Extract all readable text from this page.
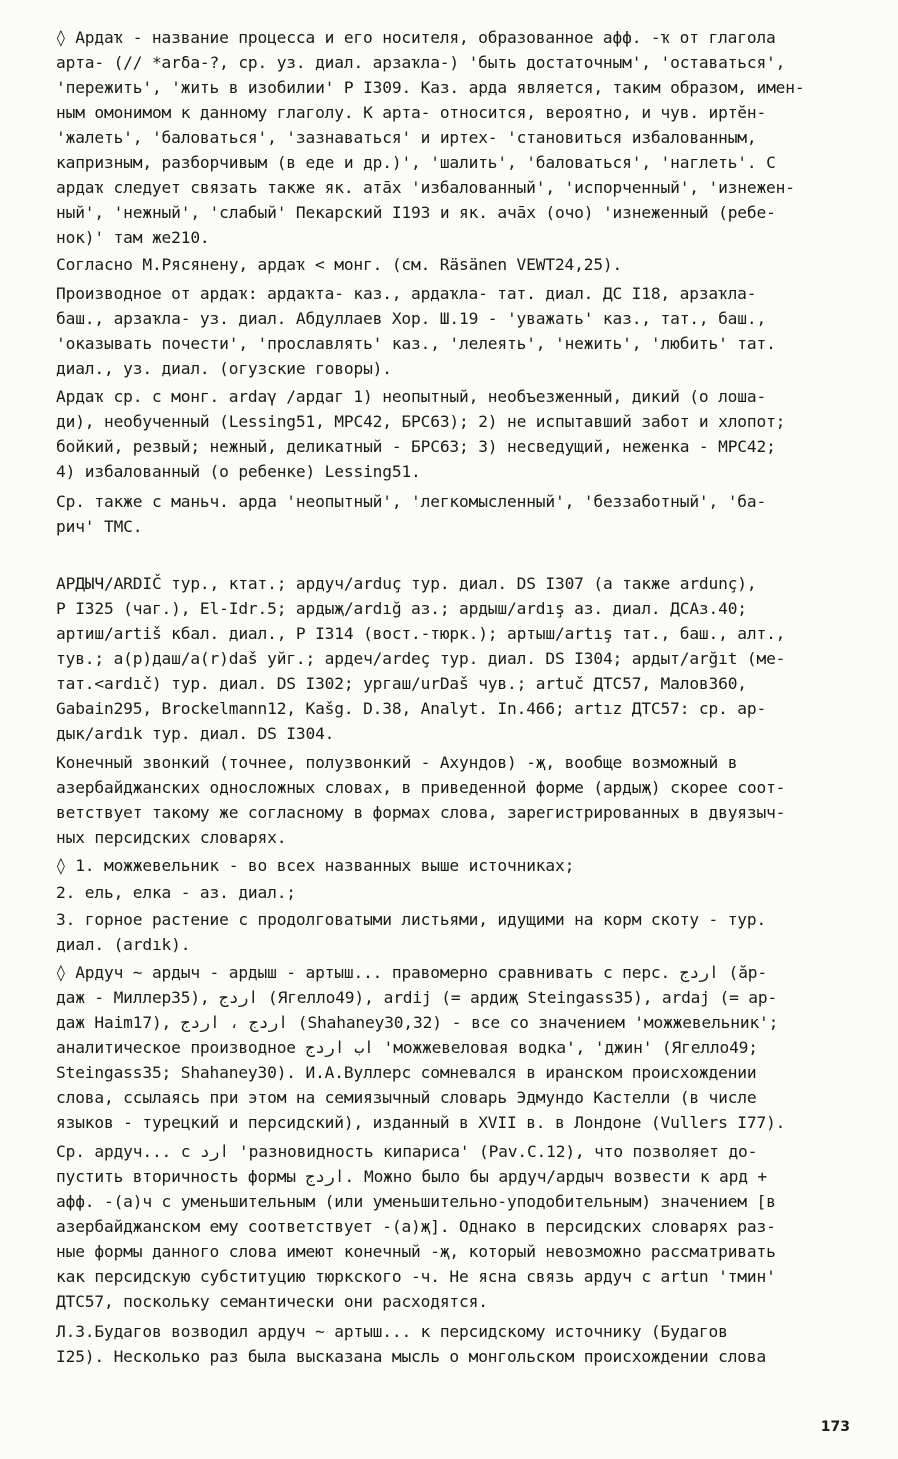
◊ Ардаҡ - название процесса и его носителя, образованное афф. -ҡ от глагола
арта- (// *arδa-?, ср. уз. диал. арзаҡла-) 'быть достаточным', 'оставаться',
'пережить', 'жить в изобилии' Р I309. Каз. арда является, таким образом, имен-
ным омонимом к данному глаголу. К арта- относится, вероятно, и чув. иртĕн-
'жалеть', 'баловаться', 'зазнаваться' и иртех- 'становиться избалованным,
капризным, разборчивым (в еде и др.)', 'шалить', 'баловаться', 'наглеть'. С
ардаҡ следует связать также як. атāх 'избалованный', 'испорченный', 'изнежен-
ный', 'нежный', 'слабый' Пекарский I193 и як. ачāх (очо) 'изнеженный (ребе-
нок)' там же210.
Согласно М.Рясянену, ардаҡ < монг. (см. Räsänen VEWT24,25).
Производное от ардаҡ: ардаҡта- каз., ардаҡла- тат. диал. ДС I18, арзаҡла-
баш., арзаҡла- уз. диал. Абдуллаев Хор. Ш.19 - 'уважать' каз., тат., баш.,
'оказывать почести', 'прославлять' каз., 'лелеять', 'нежить', 'любить' тат.
диал., уз. диал. (огузские говоры).
Ардаҡ ср. с монг. ardaγ /ардаг 1) неопытный, необъезженный, дикий (о лоша-
ди), необученный (Lessing51, МРС42, БРС63); 2) не испытавший забот и хлопот;
бойкий, резвый; нежный, деликатный - БРС63; 3) несведущий, неженка - МРС42;
4) избалованный (о ребенке) Lessing51.
Ср. также с маньч. арда 'неопытный', 'легкомысленный', 'беззаботный', 'ба-
рич' ТМС.
АРДЫЧ/ARDIČ тур., ктат.; ардуч/arduç тур. диал. DS I307 (а также ardunç),
Р I325 (чаг.), El-Idr.5; ардыҗ/ardığ аз.; ардыш/ardış аз. диал. ДСАз.40;
артиш/artiš кбал. диал., Р I314 (вост.-тюрк.); артыш/artış тат., баш., алт.,
тув.; а(р)даш/a(r)daš уйг.; ардеч/ardeç тур. диал. DS I304; ардыт/arğıt (ме-
тат.<ardıč) тур. диал. DS I302; ургаш/urDaš чув.; artuč ДТС57, Малов360,
Gabain295, Brockelmann12, Kašg. D.38, Analyt. In.466; artız ДТС57: ср. ар-
дык/ardık тур. диал. DS I304.
Конечный звонкий (точнее, полузвонкий - Ахундов) -җ, вообще возможный в
азербайджанских односложных словах, в приведенной форме (ардыҗ) скорее соот-
ветствует такому же согласному в формах слова, зарегистрированных в двуязыч-
ных персидских словарях.
◊ 1. можжевельник - во всех названных выше источниках;
2. ель, елка - аз. диал.;
3. горное растение с продолговатыми листьями, идущими на корм скоту - тур.
диал. (ardık).
◊ Ардуч ~ ардыч - ардыш - артыш... правомерно сравнивать с перс. اردج (ăр-
даж - Миллер35), اردج (Ягелло49), ardij (= ардиҗ Steingass35), ardaj (= ар-
даж Haim17), اردج ، اردج (Shahaney30,32) - все со значением 'можжевельник';
аналитическое производное اب اردج 'можжевеловая водка', 'джин' (Ягелло49;
Steingass35; Shahaney30). И.А.Вуллерс сомневался в иранском происхождении
слова, ссылаясь при этом на семиязычный словарь Эдмундо Кастелли (в числе
языков - турецкий и персидский), изданный в XVII в. в Лондоне (Vullers I77).
Ср. ардуч... с ارد 'разновидность кипариса' (Pav.C.12), что позволяет до-
пустить вторичность формы اردج. Можно было бы ардуч/ардыч возвести к ард +
афф. -(а)ч с уменьшительным (или уменьшительно-уподобительным) значением [в
азербайджанском ему соответствует -(а)җ]. Однако в персидских словарях раз-
ные формы данного слова имеют конечный -җ, который невозможно рассматривать
как персидскую субституцию тюркского -ч. Не ясна связь ардуч с artun 'тмин'
ДТС57, поскольку семантически они расходятся.
Л.З.Будагов возводил ардуч ~ артыш... к персидскому источнику (Будагов
I25). Несколько раз была высказана мысль о монгольском происхождении слова
173
